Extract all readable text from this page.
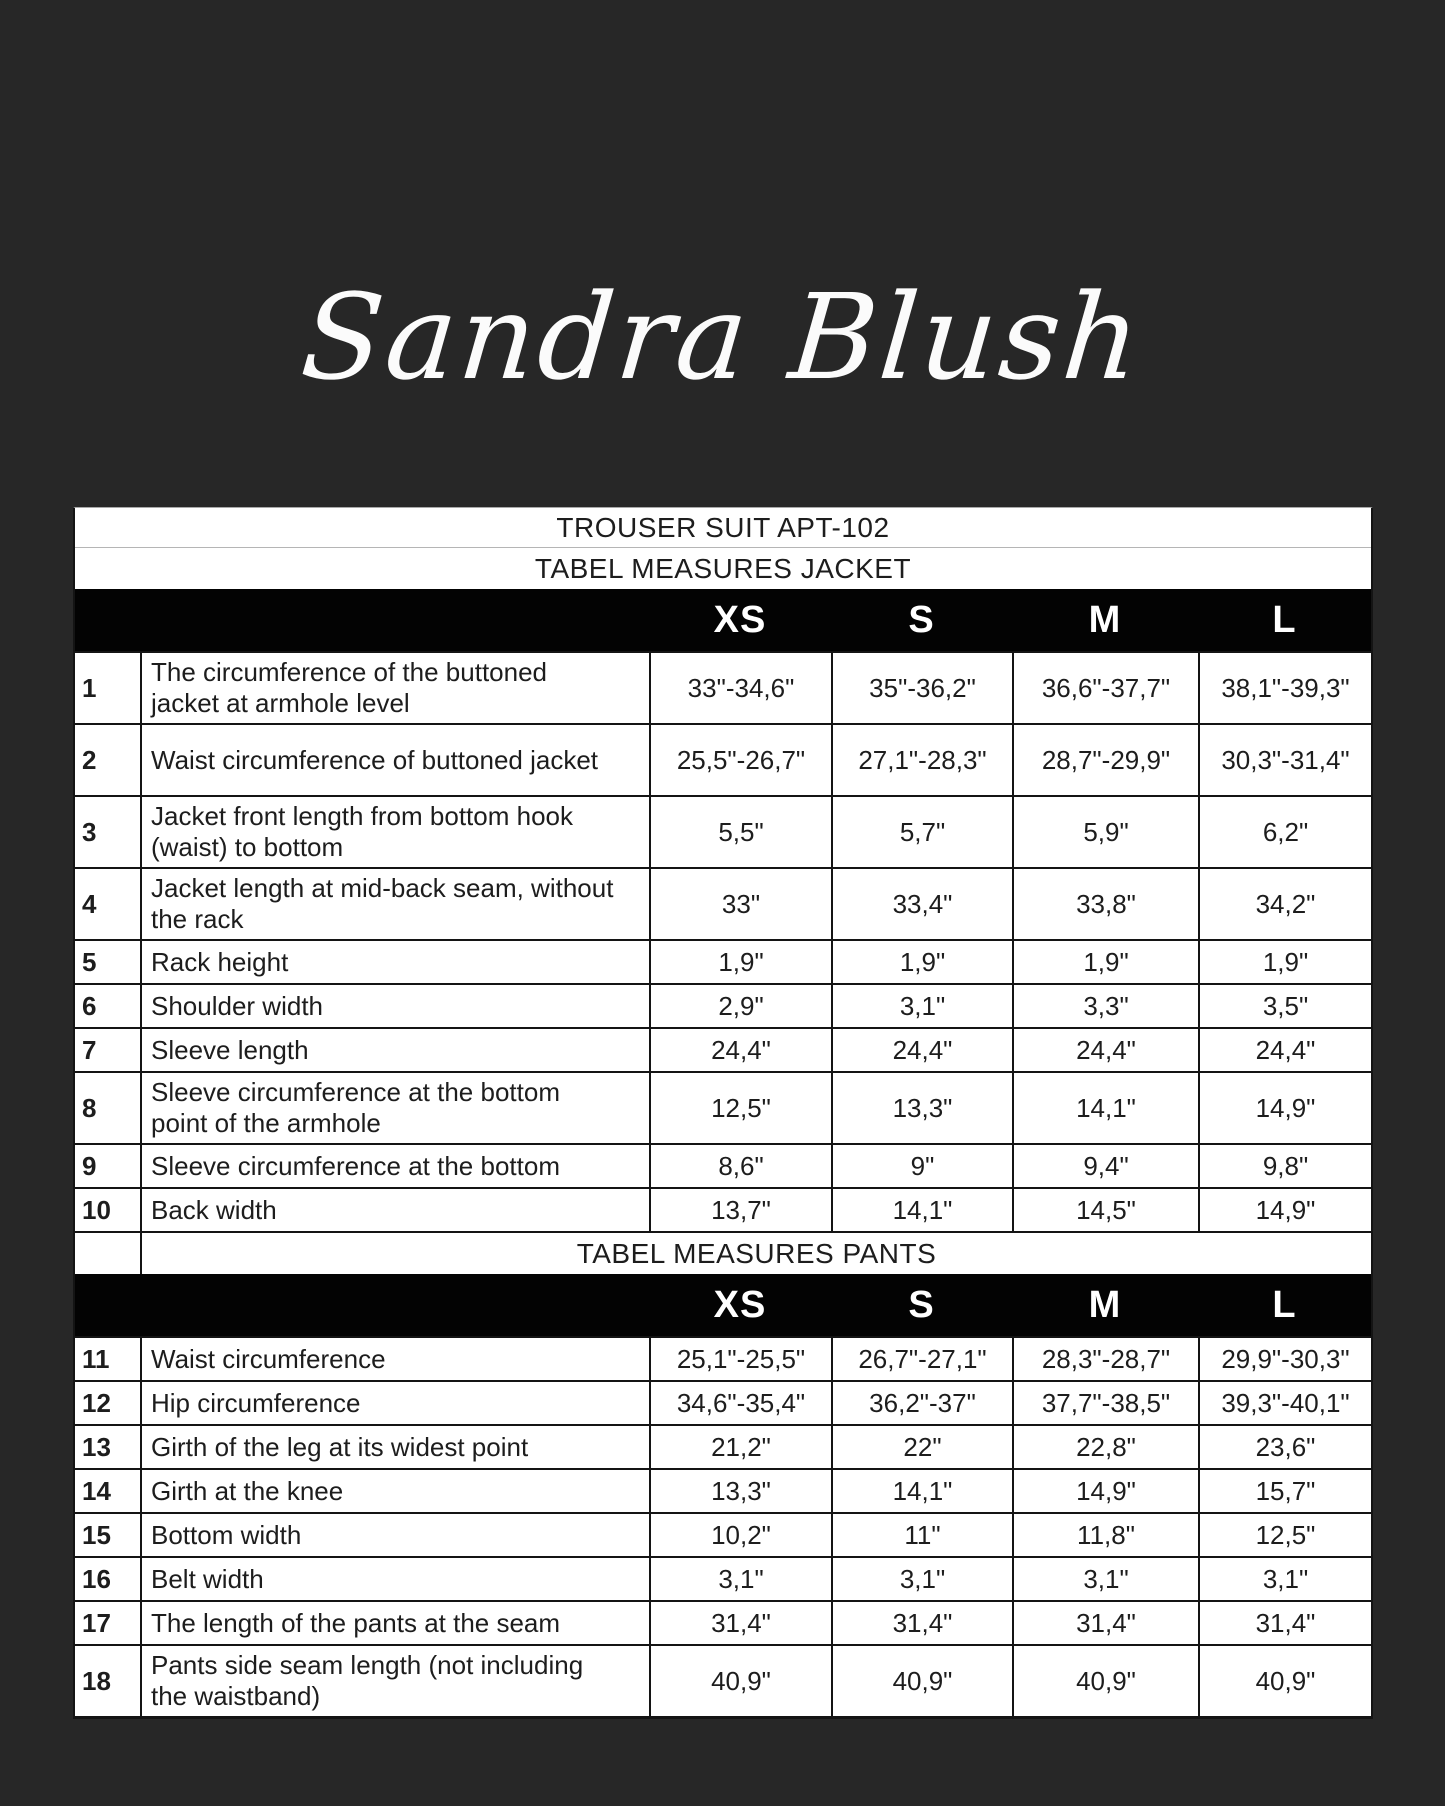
Sandra Blush
TROUSER SUIT APT-102
TABEL MEASURES JACKET
XS	S	M	L
1
The circumference of the buttoned jacket at armhole level
33"-34,6"	35"-36,2"	36,6"-37,7" 38,1"-39,3"
2 Waist circumference of buttoned jacket	25,5"-26,7" 27,1"-28,3" 28,7"-29,9" 30,3"-31,4"
3
Jacket front length from bottom hook (waist) to bottom
5,5"	5,7"	5,9"	6,2"
4
Jacket length at mid-back seam, without the rack
33"	33,4"	33,8"	34,2"
5 Rack height	1,9"	1,9"	1,9"	1,9"
6 Shoulder width	2,9"	3,1"	3,3"	3,5"
7 Sleeve length	24,4"	24,4"	24,4"	24,4"
8
Sleeve circumference at the bottom point of the armhole
12,5"	13,3"	14,1"	14,9"
9 Sleeve circumference at the bottom	8,6"	9"	9,4"	9,8"
10 Back width	13,7"	14,1"	14,5"	14,9"
TABEL MEASURES PANTS
XS	S	M	L
11 Waist circumference	25,1"-25,5" 26,7"-27,1" 28,3"-28,7" 29,9"-30,3"
12 Hip circumference	34,6"-35,4" 36,2"-37"	37,7"-38,5" 39,3"-40,1"
13 Girth of the leg at its widest point	21,2"	22"	22,8"	23,6"
14 Girth at the knee	13,3"	14,1"	14,9"	15,7"
15 Bottom width	10,2"	11"	11,8"	12,5"
16 Belt width	3,1"	3,1"	3,1"	3,1"
17 The length of the pants at the seam	31,4"	31,4"	31,4"	31,4"
18
Pants side seam length (not including the waistband)
40,9"	40,9"	40,9"	40,9"
